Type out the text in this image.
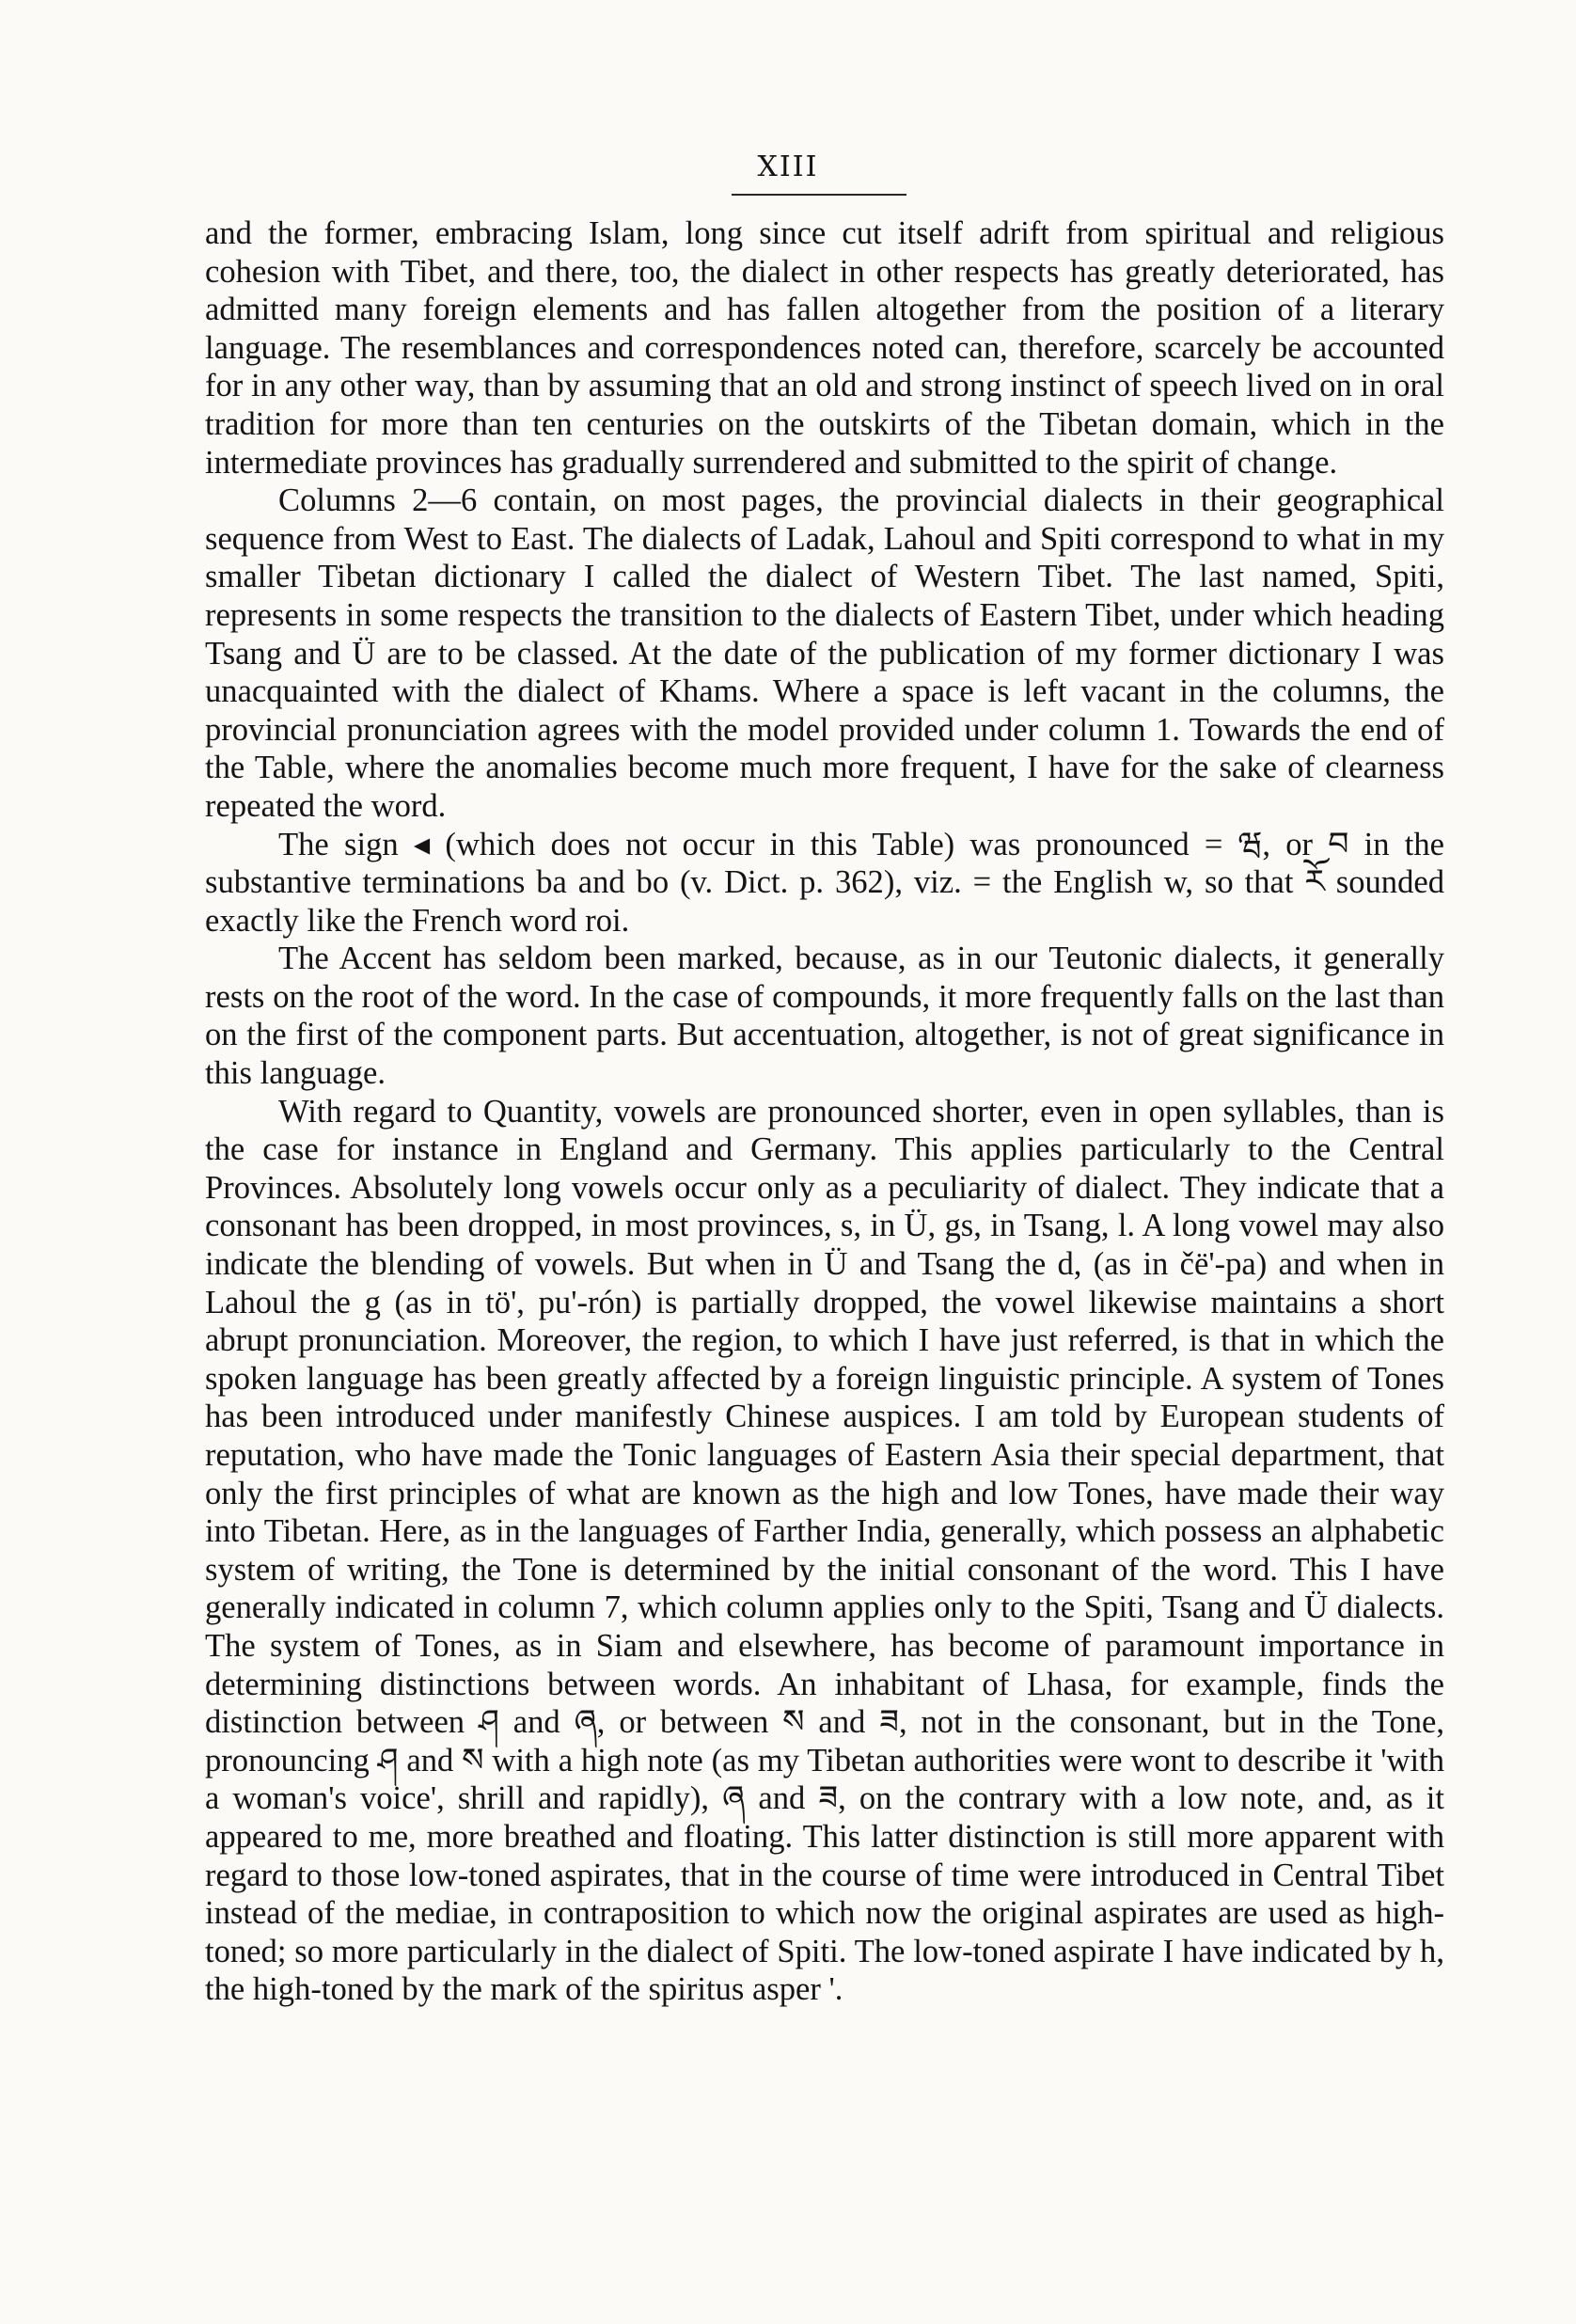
XIII

and the former, embracing Islam, long since cut itself adrift from spiritual and religious cohesion with Tibet, and there, too, the dialect in other respects has greatly deteriorated, has admitted many foreign elements and has fallen altogether from the position of a literary language. The resemblances and correspondences noted can, therefore, scarcely be accounted for in any other way, than by assuming that an old and strong instinct of speech lived on in oral tradition for more than ten centuries on the outskirts of the Tibetan domain, which in the intermediate provinces has gradually surrendered and submitted to the spirit of change.

Columns 2—6 contain, on most pages, the provincial dialects in their geographical sequence from West to East. The dialects of Ladak, Lahoul and Spiti correspond to what in my smaller Tibetan dictionary I called the dialect of Western Tibet. The last named, Spiti, represents in some respects the transition to the dialects of Eastern Tibet, under which heading Tsang and Ü are to be classed. At the date of the publication of my former dictionary I was unacquainted with the dialect of Khams. Where a space is left vacant in the columns, the provincial pronunciation agrees with the model provided under column 1. Towards the end of the Table, where the anomalies become much more frequent, I have for the sake of clearness repeated the word.

The sign ◂ (which does not occur in this Table) was pronounced = ཝ, or བ in the substantive terminations ba and bo (v. Dict. p. 362), viz. = the English w, so that ཪོ sounded exactly like the French word roi.

The Accent has seldom been marked, because, as in our Teutonic dialects, it generally rests on the root of the word. In the case of compounds, it more frequently falls on the last than on the first of the component parts. But accentuation, altogether, is not of great significance in this language.

With regard to Quantity, vowels are pronounced shorter, even in open syllables, than is the case for instance in England and Germany. This applies particularly to the Central Provinces. Absolutely long vowels occur only as a peculiarity of dialect. They indicate that a consonant has been dropped, in most provinces, s, in Ü, gs, in Tsang, l. A long vowel may also indicate the blending of vowels. But when in Ü and Tsang the d, (as in čё'-pa) and when in Lahoul the g (as in tö', pu'-rón) is partially dropped, the vowel likewise maintains a short abrupt pronunciation. Moreover, the region, to which I have just referred, is that in which the spoken language has been greatly affected by a foreign linguistic principle. A system of Tones has been introduced under manifestly Chinese auspices. I am told by European students of reputation, who have made the Tonic languages of Eastern Asia their special department, that only the first principles of what are known as the high and low Tones, have made their way into Tibetan. Here, as in the languages of Farther India, generally, which possess an alphabetic system of writing, the Tone is determined by the initial consonant of the word. This I have generally indicated in column 7, which column applies only to the Spiti, Tsang and Ü dialects. The system of Tones, as in Siam and elsewhere, has become of paramount importance in determining distinctions between words. An inhabitant of Lhasa, for example, finds the distinction between ཤ and ཞ, or between ས and ཟ, not in the consonant, but in the Tone, pronouncing ཤ and ས with a high note (as my Tibetan authorities were wont to describe it 'with a woman's voice', shrill and rapidly), ཞ and ཟ, on the contrary with a low note, and, as it appeared to me, more breathed and floating. This latter distinction is still more apparent with regard to those low-toned aspirates, that in the course of time were introduced in Central Tibet instead of the mediae, in contraposition to which now the original aspirates are used as high-toned; so more particularly in the dialect of Spiti. The low-toned aspirate I have indicated by h, the high-toned by the mark of the spiritus asper '.
